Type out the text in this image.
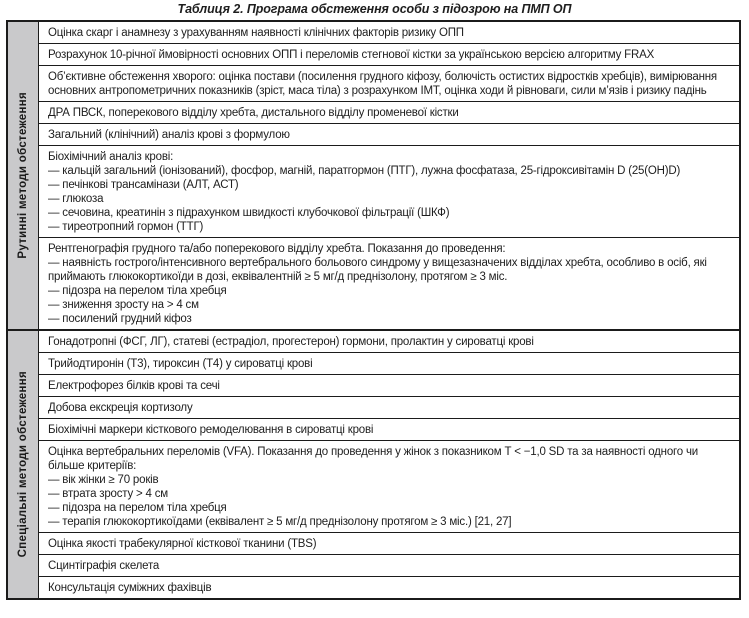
Таблиця 2. Програма обстеження особи з підозрою на ПМП ОП
Рутинні методи обстеження

Оцінка скарг і анамнезу з урахуванням наявності клінічних факторів ризику ОПП

Розрахунок 10-річної ймовірності основних ОПП і переломів стегнової кістки за українською версією алгоритму FRAX

Об’єктивне обстеження хворого: оцінка постави (посилення грудного кіфозу, болючість остистих відростків хребців), вимірювання основних антропометричних показників (зріст, маса тіла) з розрахунком ІМТ, оцінка ходи й рівноваги, сили м’язів і ризику падінь

ДРА ПВСК, поперекового відділу хребта, дистального відділу променевої кістки

Загальний (клінічний) аналіз крові з формулою

Біохімічний аналіз крові:

— кальцій загальний (іонізований), фосфор, магній, паратгормон (ПТГ), лужна фосфатаза, 25-гідроксивітамін D (25(ОН)D)

— печінкові трансамінази (АЛТ, АСТ)

— глюкоза

— сечовина, креатинін з підрахунком швидкості клубочкової фільтрації (ШКФ)

— тиреотропний гормон (ТТГ)

Рентгенографія грудного та/або поперекового відділу хребта. Показання до проведення:

— наявність гострого/інтенсивного вертебрального больового синдрому у вищезазначених відділах хребта, особливо в осіб, які приймають глюкокортикоїди в дозі, еквівалентній ≥ 5 мг/д преднізолону, протягом ≥ 3 міс.

— підозра на перелом тіла хребця

— зниження зросту на > 4 см

— посилений грудний кіфоз

Спеціальні методи обстеження

Гонадотропні (ФСГ, ЛГ), статеві (естрадіол, прогестерон) гормони, пролактин у сироватці крові

Трийодтиронін (Т3), тироксин (Т4) у сироватці крові

Електрофорез білків крові та сечі

Добова екскреція кортизолу

Біохімічні маркери кісткового ремоделювання в сироватці крові

Оцінка вертебральних переломів (VFA). Показання до проведення у жінок з показником Т < −1,0 SD та за наявності одного чи більше критеріїв:

— вік жінки ≥ 70 років

— втрата зросту > 4 см

— підозра на перелом тіла хребця

— терапія глюкокортикоїдами (еквівалент ≥ 5 мг/д преднізолону протягом ≥ 3 міс.) [21, 27]

Оцінка якості трабекулярної кісткової тканини (TBS)

Сцинтіграфія скелета

Консультація суміжних фахівців
